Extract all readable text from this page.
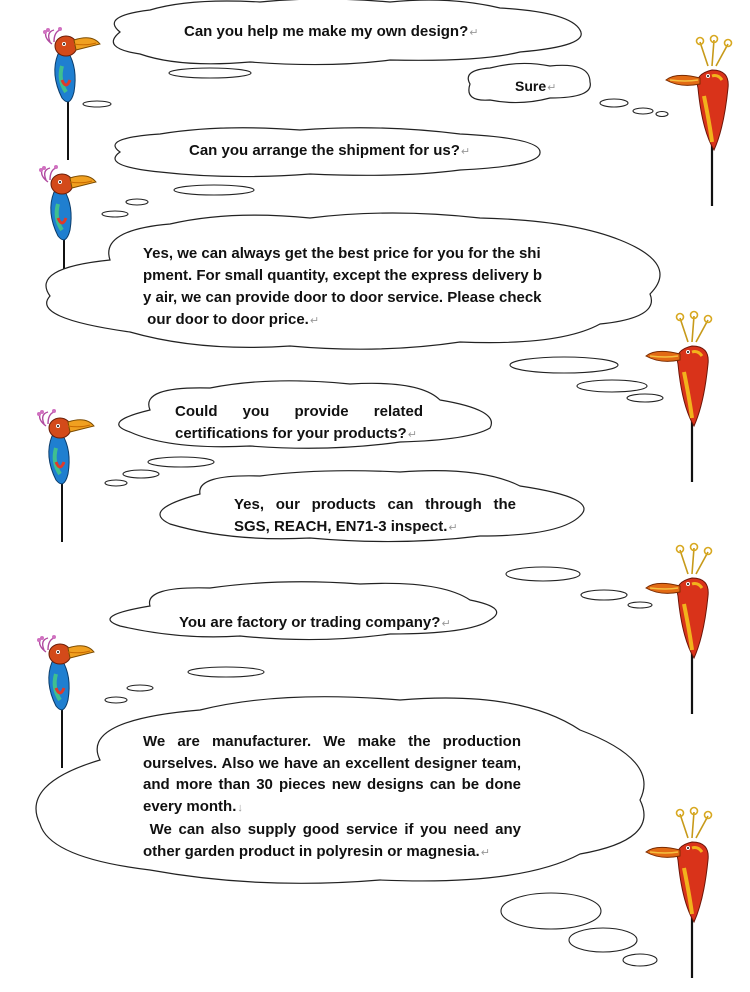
Can you help me make my own design?↵
Sure↵
Can you arrange the shipment for us?↵
Yes, we can always get the best price for you for the shi
pment. For small quantity, except the express delivery b
y air, we can provide door to door service. Please check
our door to door price.↵
Could you provide related
certifications for your products?↵
Yes, our products can through the
SGS, REACH, EN71-3 inspect.↵
You are factory or trading company?↵
We are manufacturer. We make the production ourselves. Also we have an excellent designer team, and more than 30 pieces new designs can be done every month.↓
We can also supply good service if you need any other garden product in polyresin or magnesia.↵
